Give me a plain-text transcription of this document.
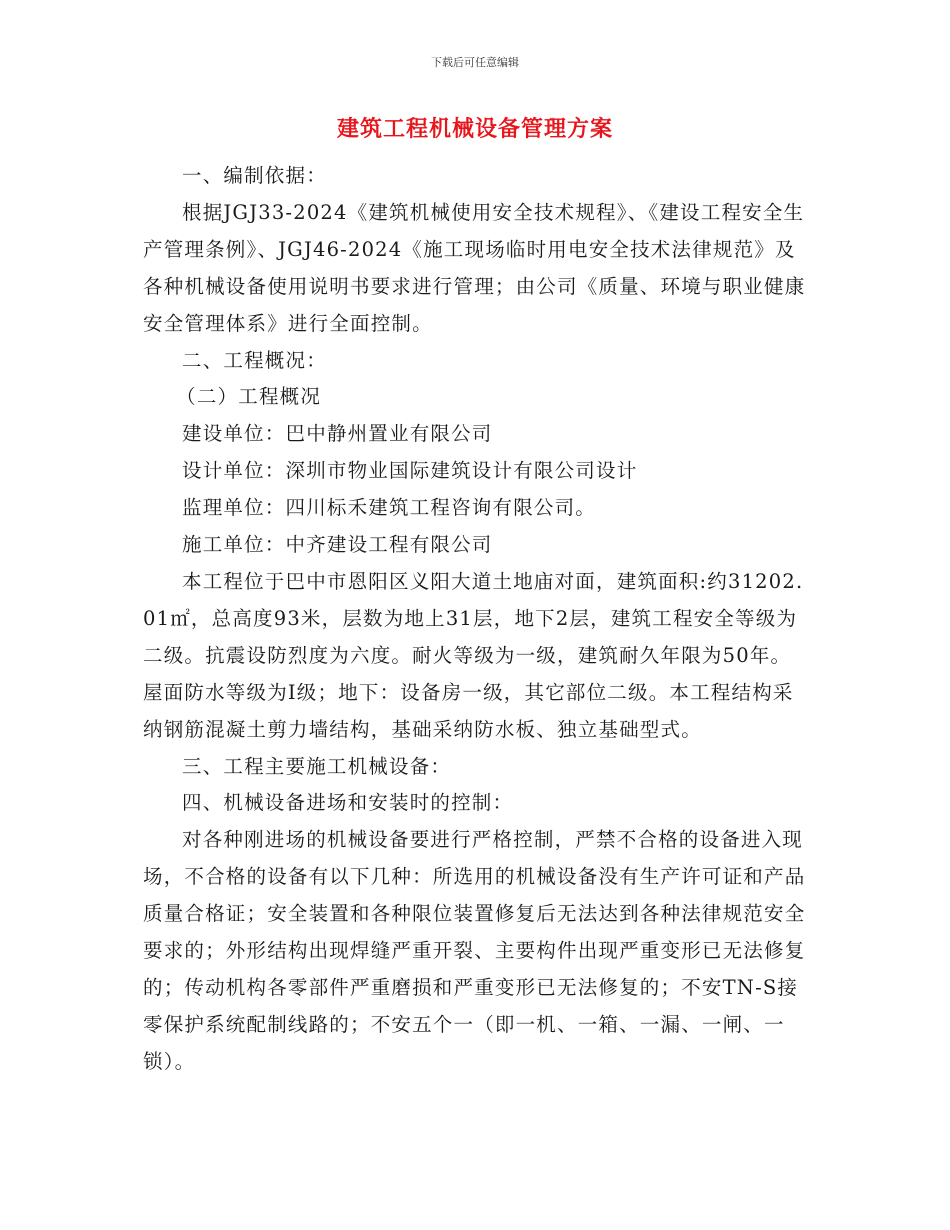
下载后可任意编辑
建筑工程机械设备管理方案

一、编制依据：

根据JGJ33-2024《建筑机械使用安全技术规程》、《建设工程安全生产管理条例》、JGJ46-2024《施工现场临时用电安全技术法律规范》及各种机械设备使用说明书要求进行管理；由公司《质量、环境与职业健康安全管理体系》进行全面控制。

二、工程概况：

（二）工程概况

建设单位：巴中静州置业有限公司

设计单位：深圳市物业国际建筑设计有限公司设计

监理单位：四川标禾建筑工程咨询有限公司。

施工单位：中齐建设工程有限公司

本工程位于巴中市恩阳区义阳大道土地庙对面，建筑面积:约31202.01㎡，总高度93米，层数为地上31层，地下2层，建筑工程安全等级为二级。抗震设防烈度为六度。耐火等级为一级，建筑耐久年限为50年。屋面防水等级为Ⅰ级；地下：设备房一级，其它部位二级。本工程结构采纳钢筋混凝土剪力墙结构，基础采纳防水板、独立基础型式。

三、工程主要施工机械设备：

四、机械设备进场和安装时的控制：

对各种刚进场的机械设备要进行严格控制，严禁不合格的设备进入现场，不合格的设备有以下几种：所选用的机械设备没有生产许可证和产品质量合格证；安全装置和各种限位装置修复后无法达到各种法律规范安全要求的；外形结构出现焊缝严重开裂、主要构件出现严重变形已无法修复的；传动机构各零部件严重磨损和严重变形已无法修复的；不安TN-S接零保护系统配制线路的；不安五个一（即一机、一箱、一漏、一闸、一锁）。
